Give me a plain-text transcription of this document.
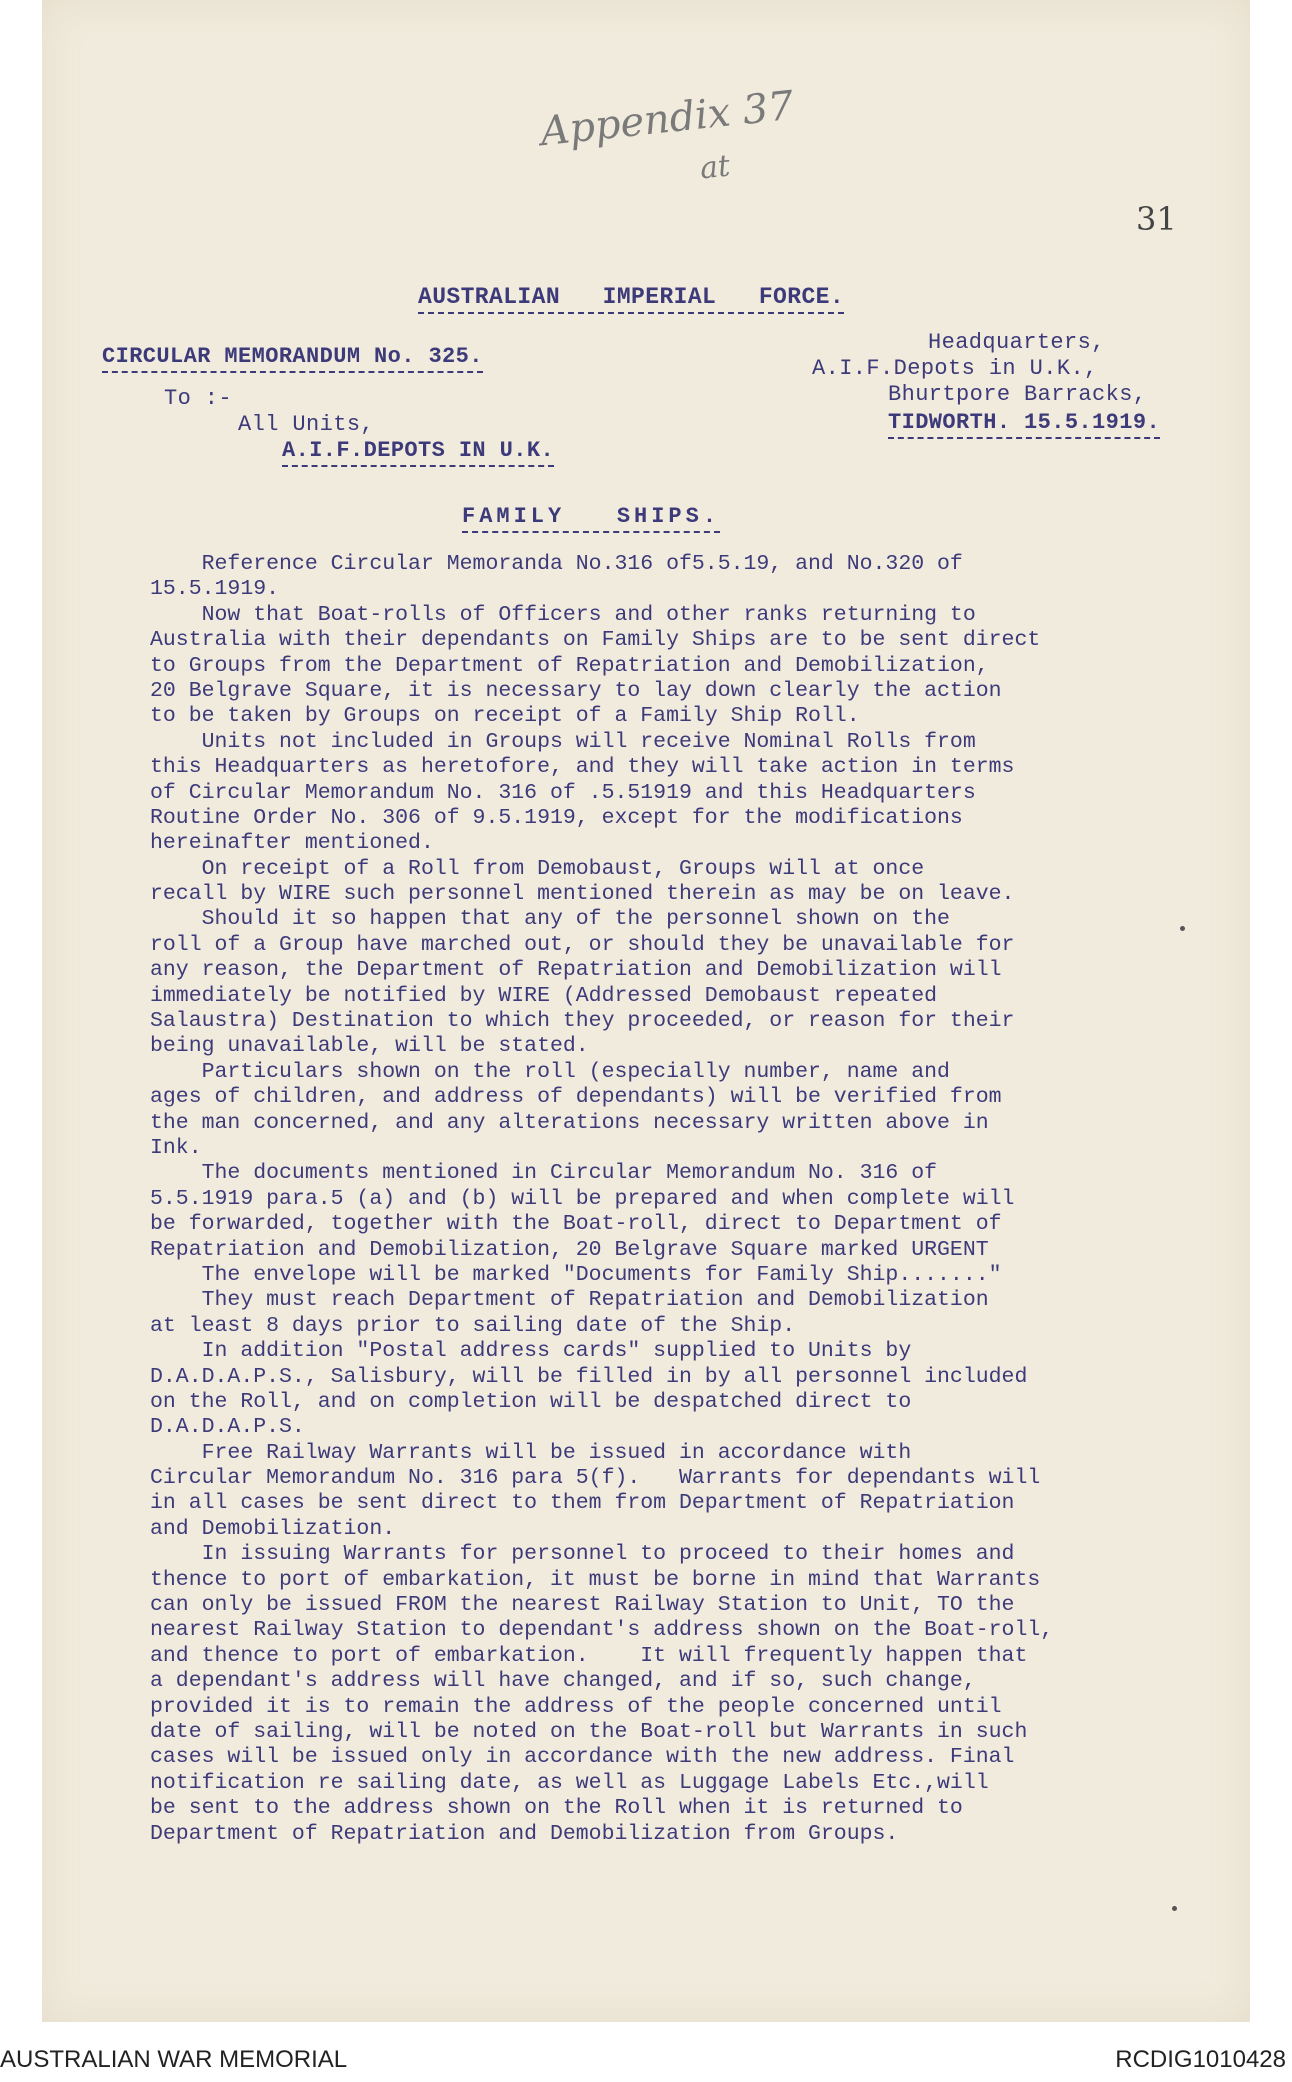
Appendix 37
at
31
AUSTRALIAN   IMPERIAL   FORCE.
CIRCULAR MEMORANDUM No. 325.
To :-
All Units,
A.I.F.DEPOTS IN U.K.
Headquarters,
A.I.F.Depots in U.K.,
Bhurtpore Barracks,
TIDWORTH. 15.5.1919.
FAMILY   SHIPS.
Reference Circular Memoranda No.316 of5.5.19, and No.320 of
15.5.1919.
Now that Boat-rolls of Officers and other ranks returning to
Australia with their dependants on Family Ships are to be sent direct
to Groups from the Department of Repatriation and Demobilization,
20 Belgrave Square, it is necessary to lay down clearly the action
to be taken by Groups on receipt of a Family Ship Roll.
Units not included in Groups will receive Nominal Rolls from
this Headquarters as heretofore, and they will take action in terms
of Circular Memorandum No. 316 of .5.51919 and this Headquarters
Routine Order No. 306 of 9.5.1919, except for the modifications
hereinafter mentioned.
On receipt of a Roll from Demobaust, Groups will at once
recall by WIRE such personnel mentioned therein as may be on leave.
Should it so happen that any of the personnel shown on the
roll of a Group have marched out, or should they be unavailable for
any reason, the Department of Repatriation and Demobilization will
immediately be notified by WIRE (Addressed Demobaust repeated
Salaustra) Destination to which they proceeded, or reason for their
being unavailable, will be stated.
Particulars shown on the roll (especially number, name and
ages of children, and address of dependants) will be verified from
the man concerned, and any alterations necessary written above in
Ink.
The documents mentioned in Circular Memorandum No. 316 of
5.5.1919 para.5 (a) and (b) will be prepared and when complete will
be forwarded, together with the Boat-roll, direct to Department of
Repatriation and Demobilization, 20 Belgrave Square marked URGENT
The envelope will be marked "Documents for Family Ship......."
They must reach Department of Repatriation and Demobilization
at least 8 days prior to sailing date of the Ship.
In addition "Postal address cards" supplied to Units by
D.A.D.A.P.S., Salisbury, will be filled in by all personnel included
on the Roll, and on completion will be despatched direct to
D.A.D.A.P.S.
Free Railway Warrants will be issued in accordance with
Circular Memorandum No. 316 para 5(f).   Warrants for dependants will
in all cases be sent direct to them from Department of Repatriation
and Demobilization.
In issuing Warrants for personnel to proceed to their homes and
thence to port of embarkation, it must be borne in mind that Warrants
can only be issued FROM the nearest Railway Station to Unit, TO the
nearest Railway Station to dependant's address shown on the Boat-roll,
and thence to port of embarkation.    It will frequently happen that
a dependant's address will have changed, and if so, such change,
provided it is to remain the address of the people concerned until
date of sailing, will be noted on the Boat-roll but Warrants in such
cases will be issued only in accordance with the new address. Final
notification re sailing date, as well as Luggage Labels Etc.,will
be sent to the address shown on the Roll when it is returned to
Department of Repatriation and Demobilization from Groups.
AUSTRALIAN WAR MEMORIAL	RCDIG1010428
